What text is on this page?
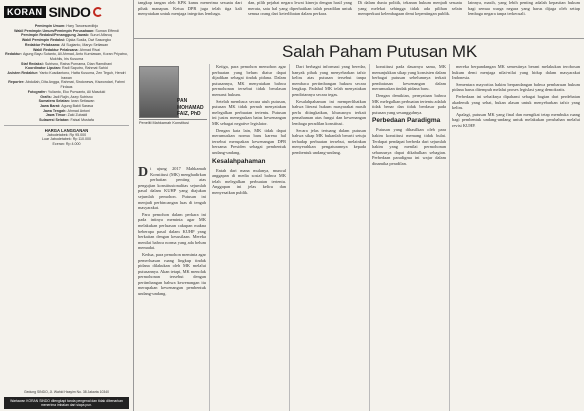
KORAN SINDO
Pemimpin Umum: Hary Tanoesoedibjo
Wakil Pemimpin Umum/Pemimpin Perusahaan: Suman Effendi
Pemimpin Redaksi/Penanggung Jawab: Sururi Alfaruq
Wakil Pemimpin Redaksi: Djaka Susila, Dwi Sasongko
Redaktur Pelaksana: Ali Sugianto, Maryo Setiawan
Wakil Redaktur Pelaksana: Ahmad Rivai
Redaktur: Agung Bayu Sutanto, Ali Ahmad, Anto Kurniawan, Koran Priyatno, Mukhlis, Iris Kusuma
Staf Redaksi: Sutrisno, Ratna Purnama, Dian Ramdhani
Koordinator Liputan: Radi Saputro, Rahmat Sahid
Asisten Redaktur: Yanto Kusdiantono, Hatta Kusuma, Zen Teguh, Hendri Irawan
Reporter: Abdullah, Dita Angga, Rahmat, Sindonews, Kiswondari, Fahmi Firdaus
Fotografer: Yulianto, Eko Purwanto, Ali Masduki
Grafis: Jadi Rajin, Asep Sutrisno
Sumatera Selatan: Iwan Setiawan
Jawa Barat: Agung Bakti Sarasa
Jawa Tengah: Ahmad Antoni
Jawa Timur: Zaki Zubaidi
Sulawesi Selatan: Faisal Mustafa
HARGA LANGGANAN
Jabodetabek: Rp 95.000
Luar Jabodetabek: Rp 110.000
Eceran: Rp 4.000
Gedung SINDO, Jl. Wahid Hasyim No. 38 Jakarta 10340
Wartawan KORAN SINDO dilengkapi tanda pengenal dan tidak dibenarkan menerima imbalan dari siapa pun.
tangkap tangan oleh KPK kamu menerima sesuatu dari pihak manapun. Ketua DPR juga telah tiga kali menyatakan untuk menjaga integritas lembaga.
dan, pilih pejabat negara lewat kinerja dengan hasil yang merata, satu hal yang diperhatikan ialah peradilan untuk semua orang dari keterlibatan dalam perkara.
Di dalam dunia politik, tekanan hukum menjadi sesuatu yang melekat sehingga tidak ada pilihan selain memperkuat kelembagaan demi kepentingan publik.
lainnya, masih, yang lebih penting adalah kepastian hukum bagi semua warga negara yang harus dijaga oleh setiap lembaga negara tanpa terkecuali.
Salah Paham Putusan MK
PAN MOHAMAD FAIZ, PhD
Peneliti Mahkamah Konstitusi

Di ujung 2017 Mahkamah Konstitusi (MK) menghadirkan perhatian penting atas pengujian konstitusionalitas sejumlah pasal dalam KUHP yang diajukan sejumlah pemohon. Putusan ini menjadi perbincangan luas di tengah masyarakat.

Para pemohon dalam perkara ini pada intinya meminta agar MK melakukan perluasan cakupan makna beberapa pasal dalam KUHP yang berkaitan dengan kesusilaan. Mereka menilai bahwa norma yang ada belum memadai.

Kedua, para pemohon meminta agar pemerluasan ruang lingkup tindak pidana dilakukan oleh MK melalui putusannya. Akan tetapi, MK menolak permohonan tersebut dengan pertimbangan bahwa kewenangan itu merupakan kewenangan pembentuk undang-undang.

Ketiga, para pemohon memohon agar perbuatan yang belum diatur dapat dijadikan sebagai tindak pidana. Dalam putusannya, MK menyatakan bahwa permohonan tersebut tidak beralasan menurut hukum.

Setelah membaca secara utuh putusan, putusan MK tidak pernah menyatakan melegalkan perbuatan tertentu. Putusan ini justru menegaskan batas kewenangan MK sebagai negative legislator.

Dengan kata lain, MK tidak dapat merumuskan norma baru karena hal tersebut merupakan kewenangan DPR bersama Presiden sebagai pembentuk undang-undang.

Kesalahpahaman

Entah dari mana mulanya, muncul anggapan di media sosial bahwa MK telah melegalkan perbuatan tertentu. Anggapan ini jelas keliru dan menyesatkan publik.

Dari berbagai informasi yang beredar, banyak pihak yang menyebarkan tafsir keliru atas putusan tersebut tanpa membaca pertimbangan hukum secara lengkap. Padahal MK telah menyatakan pendiriannya secara tegas.

Kesalahpahaman ini memperlihatkan bahwa literasi hukum masyarakat masih perlu ditingkatkan, khususnya terkait pemahaman atas fungsi dan kewenangan lembaga peradilan konstitusi.

Secara jelas tertuang dalam putusan bahwa sikap MK bukanlah berarti setuju terhadap perbuatan tersebut, melainkan menyerahkan pengaturannya kepada pembentuk undang-undang.

konstitusi pada dasarnya sama, MK menunjukkan sikap yang konsisten dalam berbagai putusan sebelumnya terkait pembatasan kewenangan dalam merumuskan tindak pidana baru.

Dengan demikian, pernyataan bahwa MK melegalkan perbuatan tertentu adalah tidak benar dan tidak berdasar pada putusan yang sesungguhnya.

Perbedaan Paradigma

Putusan yang dihasilkan oleh para hakim konstitusi memang tidak bulat. Terdapat pendapat berbeda dari sejumlah hakim yang menilai permohonan seharusnya dapat dikabulkan sebagian. Perbedaan paradigma ini wajar dalam dinamika peradilan.

mereka berpandangan MK semestinya berani melakukan terobosan hukum demi menjaga nilai-nilai yang hidup dalam masyarakat Indonesia.

Sementara mayoritas hakim berpandangan bahwa pembaruan hukum pidana harus ditempuh melalui proses legislasi yang demokratis.

Perbedaan ini sebaiknya dipahami sebagai bagian dari perdebatan akademik yang sehat, bukan alasan untuk menyebarkan tafsir yang keliru.

Apalagi, putusan MK yang final dan mengikat tetap membuka ruang bagi pembentuk undang-undang untuk melakukan perubahan melalui revisi KUHP.
